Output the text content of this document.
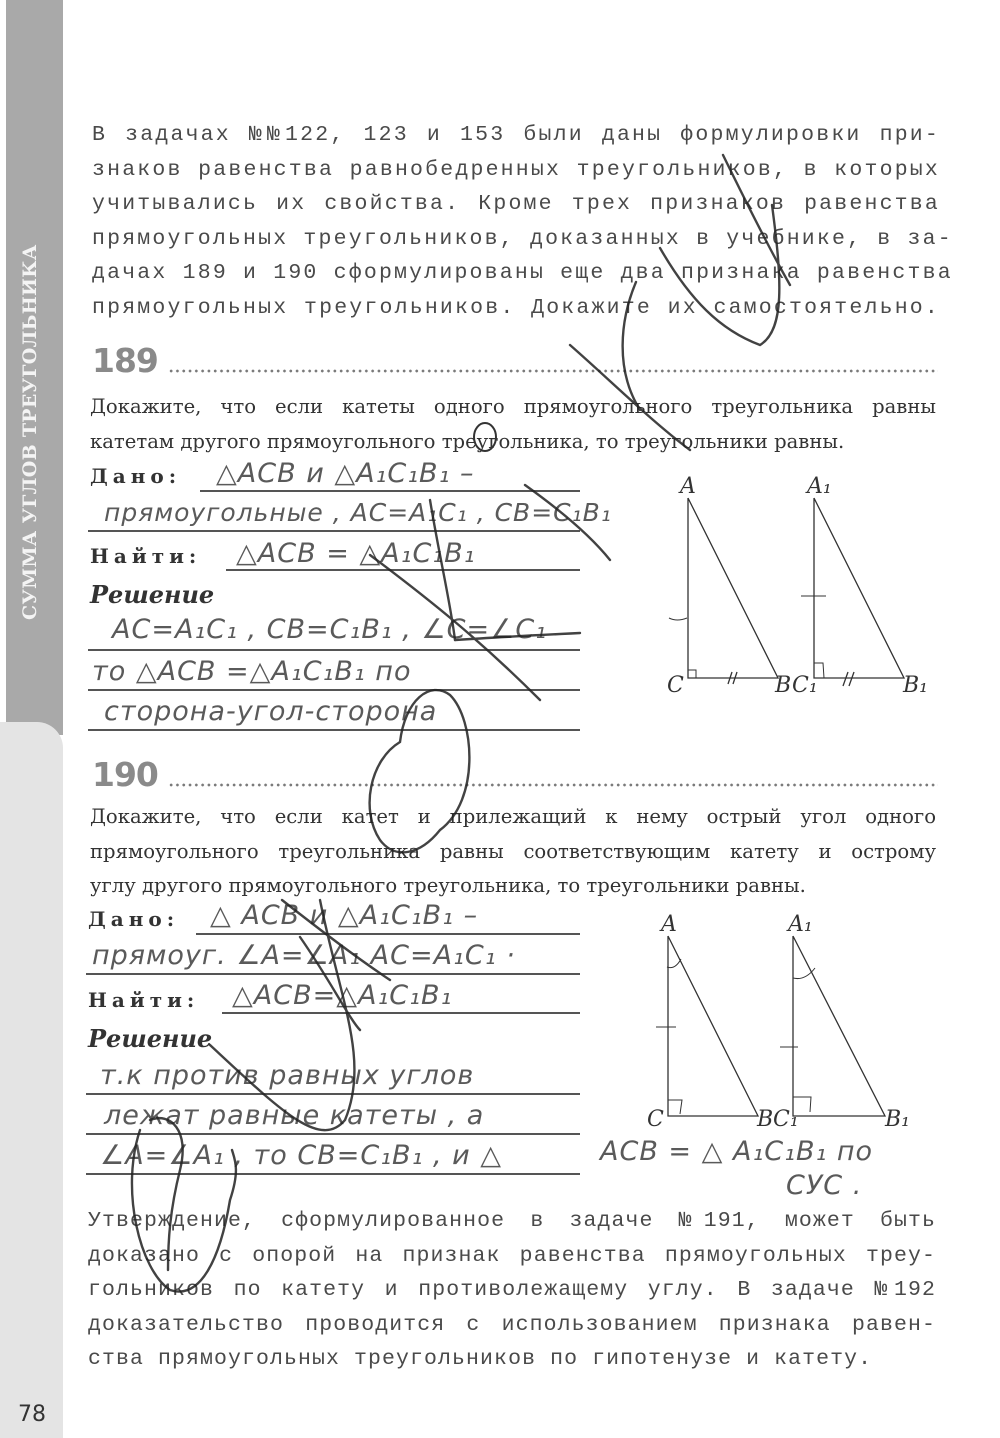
СУММА УГЛОВ ТРЕУГОЛЬНИКА
78
В задачах №№122, 123 и 153 были даны формулировки при-
знаков равенства равнобедренных треугольников, в которых
учитывались их свойства. Кроме трех признаков равенства
прямоугольных треугольников, доказанных в учебнике, в за-
дачах 189 и 190 сформулированы еще два признака равенства
прямоугольных треугольников. Докажите их самостоятельно.
189
Докажите, что если катеты одного прямоугольного треугольника равны
катетам другого прямоугольного треугольника, то треугольники равны.
Дано: △ACB и △A₁C₁B₁ –
прямоугольные , AC=A₁C₁ , CB=C₁B₁
Найти: △ACB = △A₁C₁B₁
Решение
AC=A₁C₁ , CB=C₁B₁ , ∠C=∠C₁
то △ACB =△A₁C₁B₁ по
сторона-угол-сторона
A
C	B
A₁
C₁	B₁
190
Докажите, что если катет и прилежащий к нему острый угол одного
прямоугольного треугольника равны соответствующим катету и острому
углу другого прямоугольного треугольника, то треугольники равны.
Дано: △ ACB и △A₁C₁B₁ –
прямоуг. ∠A=∠A₁ AC=A₁C₁ ·
Найти: △ACB=△A₁C₁B₁
Решение
т.к против равных углов
лежат равные катеты , а
∠A=∠A₁ , то CB=C₁B₁ , и △	ACB = △ A₁C₁B₁ по
СУС .
A
C	B
A₁
C₁	B₁
Утверждение, сформулированное в задаче №191, может быть
доказано с опорой на признак равенства прямоугольных треу-
гольников по катету и противолежащему углу. В задаче №192
доказательство проводится с использованием признака равен-
ства прямоугольных треугольников по гипотенузе и катету.
